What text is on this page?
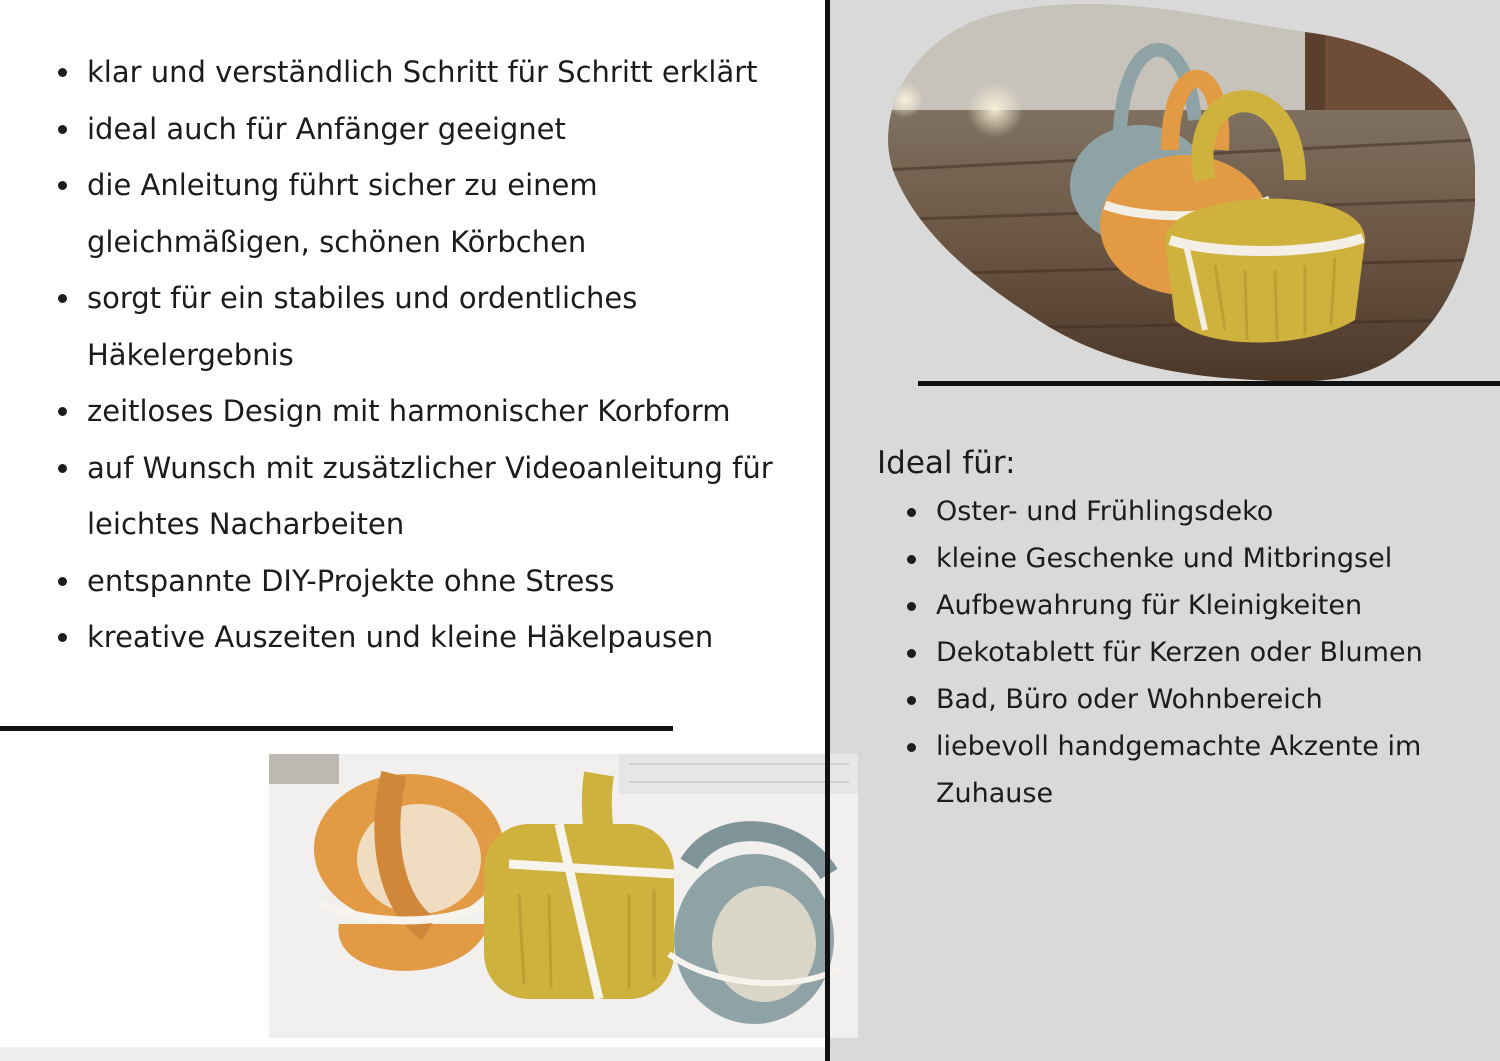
klar und verständlich Schritt für Schritt erklärt
ideal auch für Anfänger geeignet
die Anleitung führt sicher zu einem gleichmäßigen, schönen Körbchen
sorgt für ein stabiles und ordentliches Häkelergebnis
zeitloses Design mit harmonischer Korbform
auf Wunsch mit zusätzlicher Videoanleitung für leichtes Nacharbeiten
entspannte DIY-Projekte ohne Stress
kreative Auszeiten und kleine Häkelpausen
Ideal für:
Oster- und Frühlingsdeko
kleine Geschenke und Mitbringsel
Aufbewahrung für Kleinigkeiten
Dekotablett für Kerzen oder Blumen
Bad, Büro oder Wohnbereich
liebevoll handgemachte Akzente im Zuhause
